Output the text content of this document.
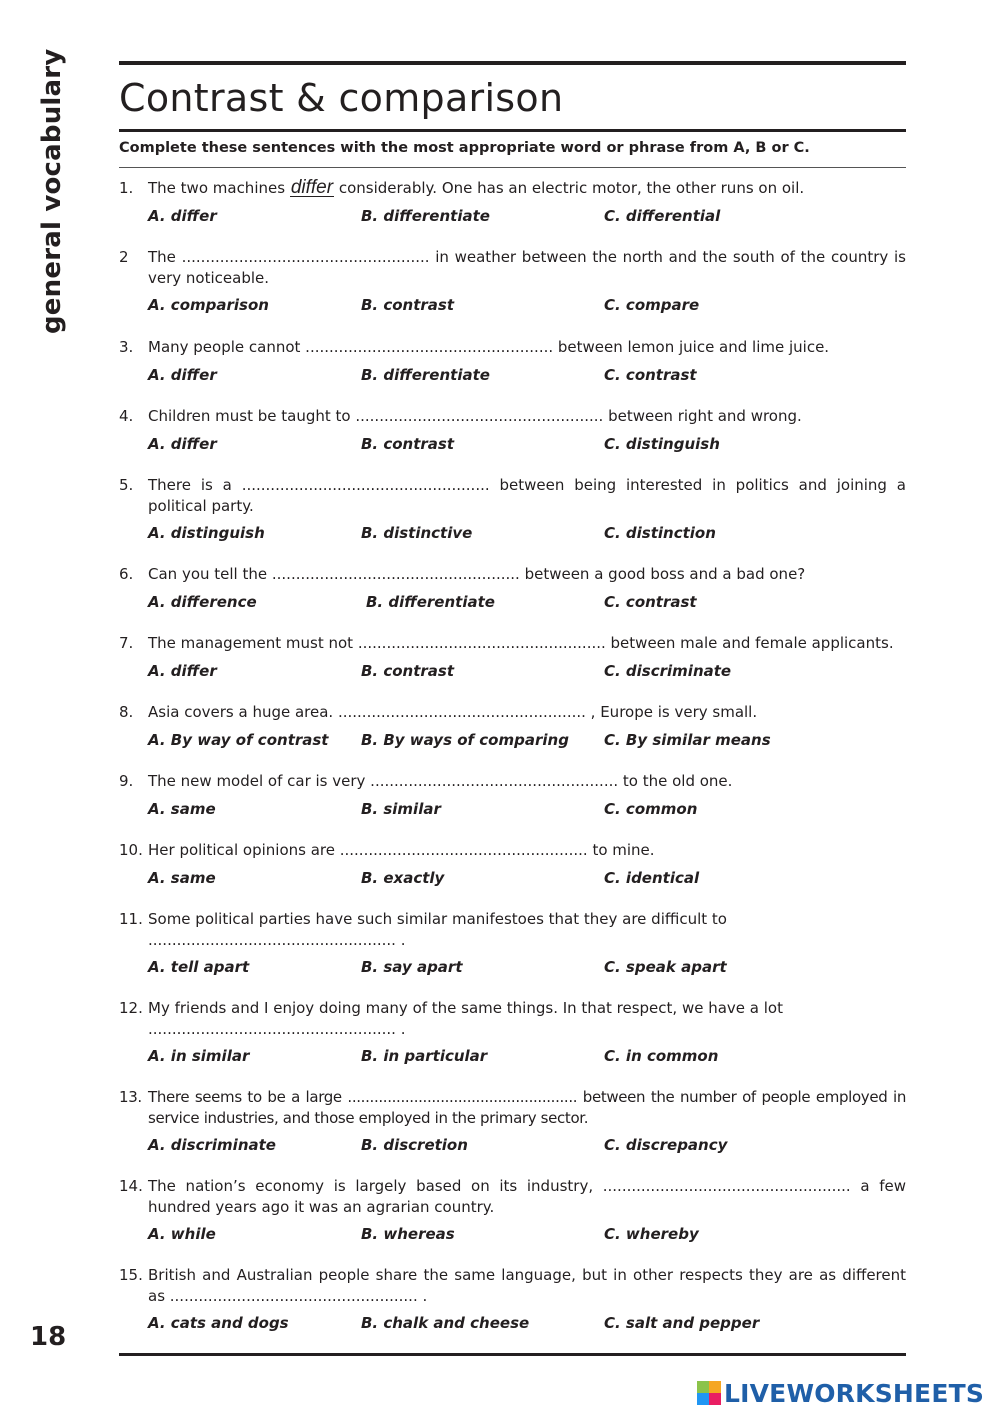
general vocabulary
18
Contrast & comparison
Complete these sentences with the most appropriate word or phrase from A, B or C.
1. The two machines differ considerably. One has an electric motor, the other runs on oil.
A. differ	B. differentiate	C. differential
2 The .................................................... in weather between the north and the south of the country is very noticeable.
A. comparison	B. contrast	C. compare
3. Many people cannot .................................................... between lemon juice and lime juice.
A. differ	B. differentiate	C. contrast
4. Children must be taught to .................................................... between right and wrong.
A. differ	B. contrast	C. distinguish
5. There is a .................................................... between being interested in politics and joining a political party.
A. distinguish	B. distinctive	C. distinction
6. Can you tell the .................................................... between a good boss and a bad one?
A. difference	B. differentiate	C. contrast
7. The management must not .................................................... between male and female applicants.
A. differ	B. contrast	C. discriminate
8. Asia covers a huge area. .................................................... , Europe is very small.
A. By way of contrast B. By ways of comparing C. By similar means
9. The new model of car is very .................................................... to the old one.
A. same	B. similar	C. common
10. Her political opinions are .................................................... to mine.
A. same	B. exactly	C. identical
11. Some political parties have such similar manifestoes that they are difficult to
.................................................... .
A. tell apart	B. say apart	C. speak apart
12. My friends and I enjoy doing many of the same things. In that respect, we have a lot
.................................................... .
A. in similar	B. in particular	C. in common
13. There seems to be a large .................................................... between the number of people employed in service industries, and those employed in the primary sector.
A. discriminate	B. discretion	C. discrepancy
14. The nation’s economy is largely based on its industry, .................................................... a few hundred years ago it was an agrarian country.
A. while	B. whereas	C. whereby
15. British and Australian people share the same language, but in other respects they are as different as .................................................... .
A. cats and dogs	B. chalk and cheese	C. salt and pepper
LIVEWORKSHEETS
